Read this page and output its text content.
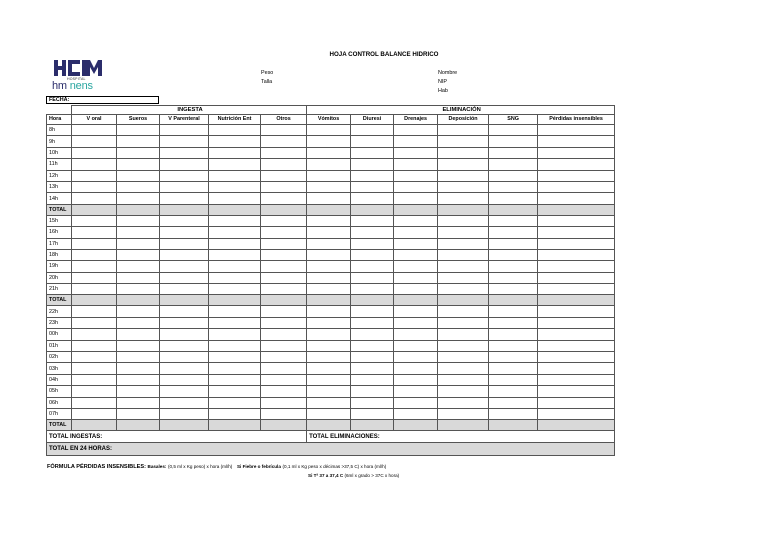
HOJA CONTROL BALANCE HIDRICO
HOSPITAL
hm nens
Peso
Talla
Nombre
NIP
Hab
FECHA:
	INGESTA					ELIMINACIÓN					
Hora	V oral	Sueros	V Parenteral	Nutrición Ent	Otros	Vómitos	Diuresi	Drenajes	Deposición	SNG	Pérdidas insensibles
8h											
9h											
10h											
11h											
12h											
13h											
14h											
TOTAL											
15h											
16h											
17h											
18h											
19h											
20h											
21h											
TOTAL											
22h											
23h											
00h											
01h											
02h											
03h											
04h											
05h											
06h											
07h											
TOTAL											
TOTAL INGESTAS:						TOTAL ELIMINACIONES:					
TOTAL EN 24 HORAS:											
FÓRMULA PÉRDIDAS INSENSIBLES: Basales: (0,5 ml x Kg peso) x hora (ml/h) Si Fiebre o febrícula (0,1 ml x Kg peso x décimas >37,5 C) x hora (ml/h)
Si Tª 37 a 37,4 C (6ml x grado > 37C x hora)
